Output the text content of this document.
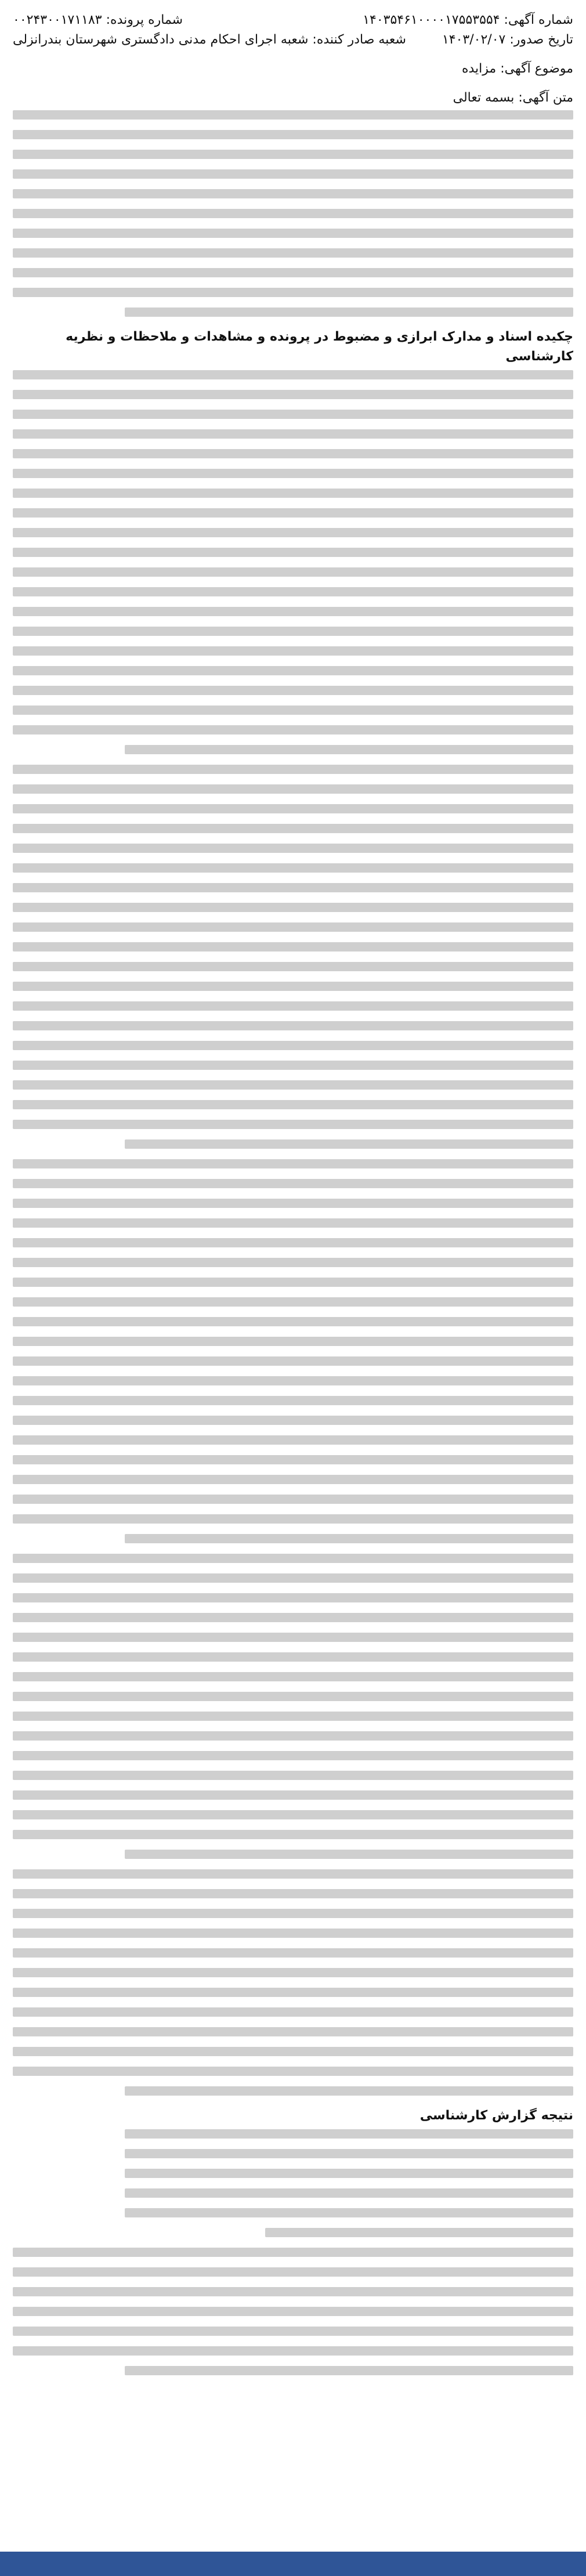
شماره آگهی: ۱۴۰۳۵۴۶۱۰۰۰۰۱۷۵۵۳۵۵۴
شماره پرونده: ۰۰۲۴۳۰۰۱۷۱۱۸۳
تاریخ صدور: ۱۴۰۳/۰۲/۰۷
شعبه صادر کننده: شعبه اجرای احکام مدنی دادگستری شهرستان بندرانزلی
موضوع آگهی: مزایده
متن آگهی: بسمه تعالی
چکیده اسناد و مدارک ابرازی و مضبوط در پرونده و مشاهدات و ملاحظات و نظریه کارشناسی
نتیجه گزارش کارشناسی
